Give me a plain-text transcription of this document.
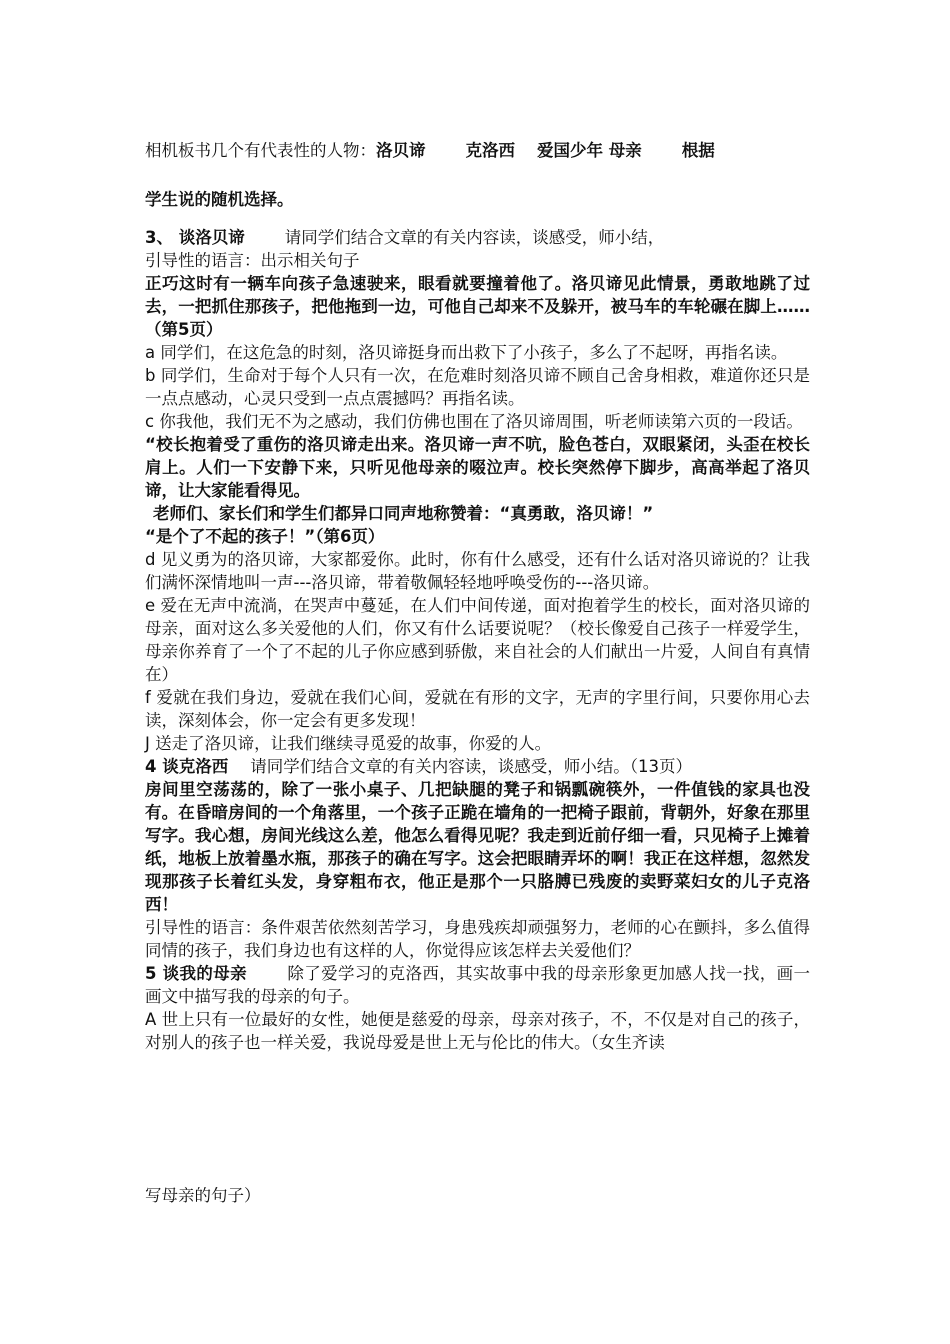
相机板书几个有代表性的人物：洛贝谛 克洛西 爱国少年 母亲 根据
学生说的随机选择。

3、 谈洛贝谛 请同学们结合文章的有关内容读，谈感受，师小结，

引导性的语言：出示相关句子

正巧这时有一辆车向孩子急速驶来，眼看就要撞着他了。洛贝谛见此情景，勇敢地跳了过去，一把抓住那孩子，把他拖到一边，可他自己却来不及躲开，被马车的车轮碾在脚上……（第5页）

a 同学们，在这危急的时刻，洛贝谛挺身而出救下了小孩子，多么了不起呀，再指名读。

b 同学们，生命对于每个人只有一次，在危难时刻洛贝谛不顾自己舍身相救，难道你还只是一点点感动，心灵只受到一点点震撼吗？再指名读。

c 你我他，我们无不为之感动，我们仿佛也围在了洛贝谛周围，听老师读第六页的一段话。

“校长抱着受了重伤的洛贝谛走出来。洛贝谛一声不吭，脸色苍白，双眼紧闭，头歪在校长肩上。人们一下安静下来，只听见他母亲的啜泣声。校长突然停下脚步，高高举起了洛贝谛，让大家能看得见。

老师们、家长们和学生们都异口同声地称赞着：“真勇敢，洛贝谛！”

“是个了不起的孩子！”（第6页）

d 见义勇为的洛贝谛，大家都爱你。此时，你有什么感受，还有什么话对洛贝谛说的？让我们满怀深情地叫一声---洛贝谛，带着敬佩轻轻地呼唤受伤的---洛贝谛。

e 爱在无声中流淌，在哭声中蔓延，在人们中间传递，面对抱着学生的校长，面对洛贝谛的母亲，面对这么多关爱他的人们，你又有什么话要说呢？（校长像爱自己孩子一样爱学生，母亲你养育了一个了不起的儿子你应感到骄傲，来自社会的人们献出一片爱，人间自有真情在）

f 爱就在我们身边，爱就在我们心间，爱就在有形的文字，无声的字里行间，只要你用心去读，深刻体会，你一定会有更多发现！

J 送走了洛贝谛，让我们继续寻觅爱的故事，你爱的人。

4 谈克洛西 请同学们结合文章的有关内容读，谈感受，师小结。（13页）

房间里空荡荡的，除了一张小桌子、几把缺腿的凳子和锅瓢碗筷外，一件值钱的家具也没有。在昏暗房间的一个角落里，一个孩子正跪在墙角的一把椅子跟前，背朝外，好象在那里写字。我心想，房间光线这么差，他怎么看得见呢？我走到近前仔细一看，只见椅子上摊着纸，地板上放着墨水瓶，那孩子的确在写字。这会把眼睛弄坏的啊！我正在这样想，忽然发现那孩子长着红头发，身穿粗布衣，他正是那个一只胳膊已残废的卖野菜妇女的儿子克洛西！

引导性的语言：条件艰苦依然刻苦学习，身患残疾却顽强努力，老师的心在颤抖，多么值得同情的孩子，我们身边也有这样的人，你觉得应该怎样去关爱他们？

5 谈我的母亲 除了爱学习的克洛西，其实故事中我的母亲形象更加感人找一找，画一画文中描写我的母亲的句子。

A 世上只有一位最好的女性，她便是慈爱的母亲，母亲对孩子，不，不仅是对自己的孩子，对别人的孩子也一样关爱，我说母爱是世上无与伦比的伟大。（女生齐读

写母亲的句子）
